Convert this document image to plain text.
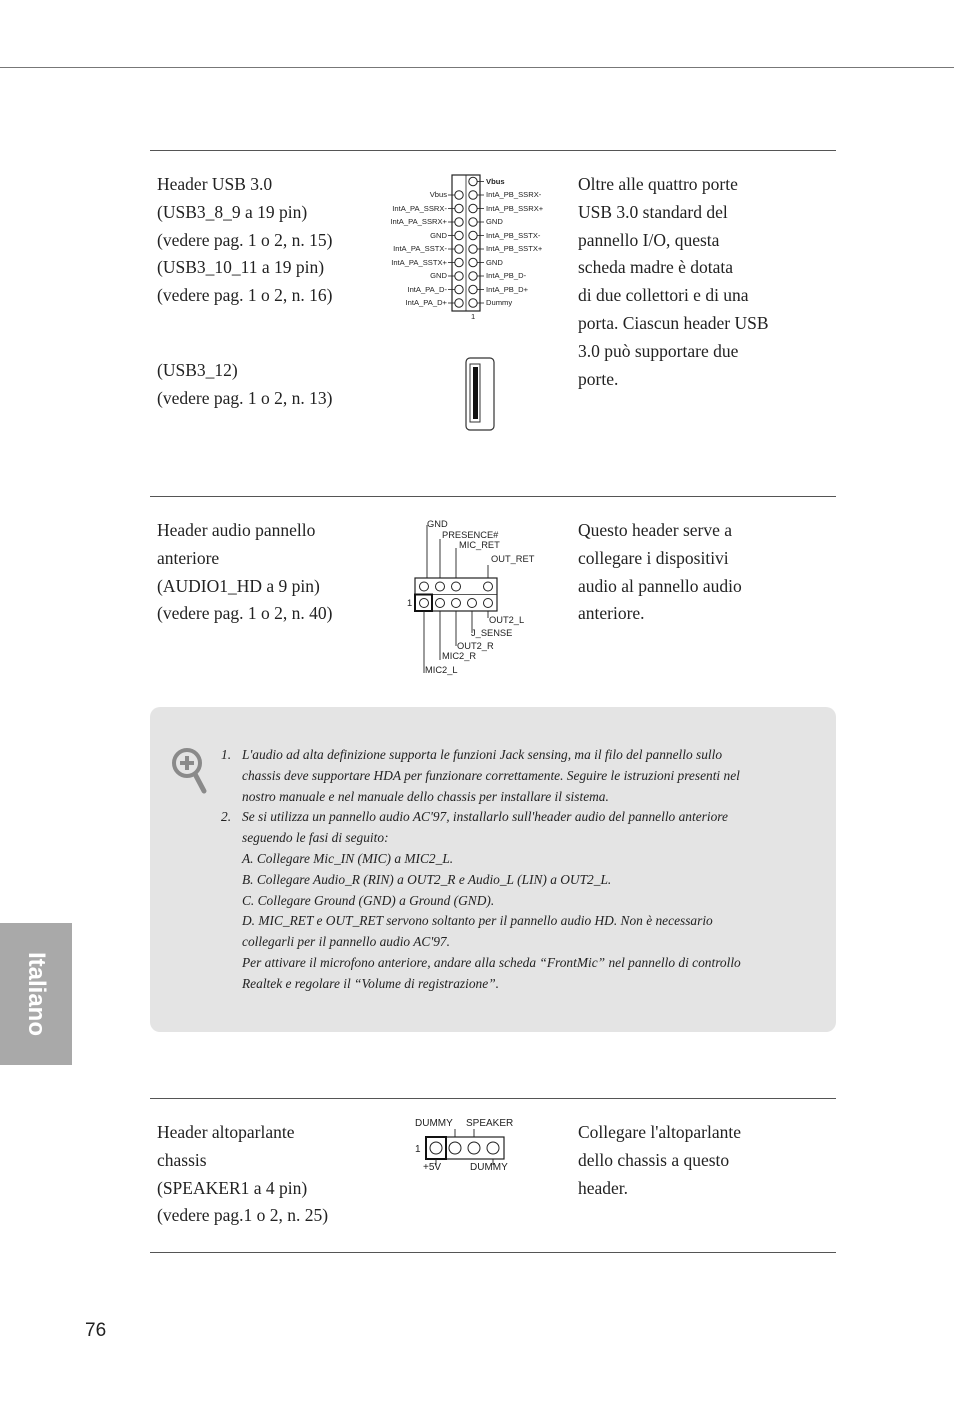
Header USB 3.0
(USB3_8_9 a 19 pin)
(vedere pag. 1 o 2, n. 15)
(USB3_10_11 a 19 pin)
(vedere pag. 1 o 2, n. 16)
(USB3_12)
(vedere pag. 1 o 2, n. 13)
Oltre alle quattro porte
USB 3.0 standard del
pannello I/O, questa
scheda madre è dotata
di due collettori e di una
porta. Ciascun header USB
3.0 può supportare due
porte.
Vbus
IntA_PB_SSRX-
IntA_PB_SSRX+
GND
IntA_PB_SSTX-
IntA_PB_SSTX+
GND
IntA_PB_D-
IntA_PB_D+
Dummy
Vbus
IntA_PA_SSRX-
IntA_PA_SSRX+
GND
IntA_PA_SSTX-
IntA_PA_SSTX+
GND
IntA_PA_D-
IntA_PA_D+
1
Header audio pannello
anteriore
(AUDIO1_HD a 9 pin)
(vedere pag. 1 o 2, n. 40)
Questo header serve a
collegare i dispositivi
audio al pannello audio
anteriore.
GND
PRESENCE#
MIC_RET
OUT_RET
1
OUT2_L
J_SENSE
OUT2_R
MIC2_R
MIC2_L
1. L'audio ad alta definizione supporta le funzioni Jack sensing, ma il filo del pannello sullo
chassis deve supportare HDA per funzionare correttamente. Seguire le istruzioni presenti nel
nostro manuale e nel manuale dello chassis per installare il sistema.
2. Se si utilizza un pannello audio AC'97, installarlo sull'header audio del pannello anteriore
seguendo le fasi di seguito:
A. Collegare Mic_IN (MIC) a MIC2_L.
B. Collegare Audio_R (RIN) a OUT2_R e Audio_L (LIN) a OUT2_L.
C. Collegare Ground (GND) a Ground (GND).
D. MIC_RET e OUT_RET servono soltanto per il pannello audio HD. Non è necessario
collegarli per il pannello audio AC'97.
Per attivare il microfono anteriore, andare alla scheda “FrontMic” nel pannello di controllo
Realtek e regolare il “Volume di registrazione”.
Italiano
Header altoparlante
chassis
(SPEAKER1 a 4 pin)
(vedere pag.1 o 2, n. 25)
Collegare l'altoparlante
dello chassis a questo
header.
DUMMY SPEAKER
1
+5V	DUMMY
76
